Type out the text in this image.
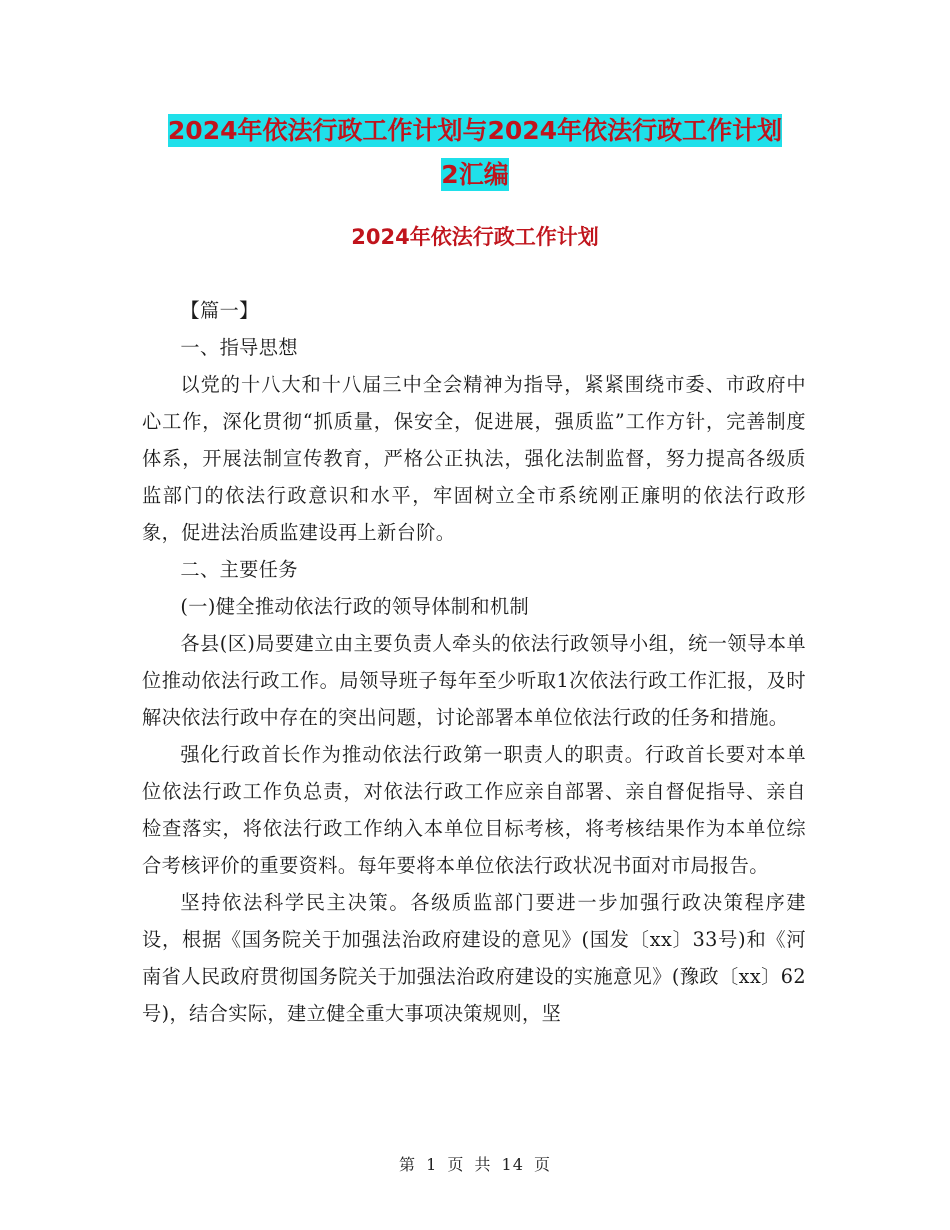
2024年依法行政工作计划与2024年依法行政工作计划
2汇编
2024年依法行政工作计划

【篇一】

一、指导思想

以党的十八大和十八届三中全会精神为指导，紧紧围绕市委、市政府中心工作，深化贯彻“抓质量，保安全，促进展，强质监”工作方针，完善制度体系，开展法制宣传教育，严格公正执法，强化法制监督，努力提高各级质监部门的依法行政意识和水平，牢固树立全市系统刚正廉明的依法行政形象，促进法治质监建设再上新台阶。

二、主要任务

(一)健全推动依法行政的领导体制和机制

各县(区)局要建立由主要负责人牵头的依法行政领导小组，统一领导本单位推动依法行政工作。局领导班子每年至少听取1次依法行政工作汇报，及时解决依法行政中存在的突出问题，讨论部署本单位依法行政的任务和措施。

强化行政首长作为推动依法行政第一职责人的职责。行政首长要对本单位依法行政工作负总责，对依法行政工作应亲自部署、亲自督促指导、亲自检查落实，将依法行政工作纳入本单位目标考核，将考核结果作为本单位综合考核评价的重要资料。每年要将本单位依法行政状况书面对市局报告。

坚持依法科学民主决策。各级质监部门要进一步加强行政决策程序建设，根据《国务院关于加强法治政府建设的意见》(国发〔xx〕33号)和《河南省人民政府贯彻国务院关于加强法治政府建设的实施意见》(豫政〔xx〕62号)，结合实际，建立健全重大事项决策规则，坚

第 1 页 共 14 页
